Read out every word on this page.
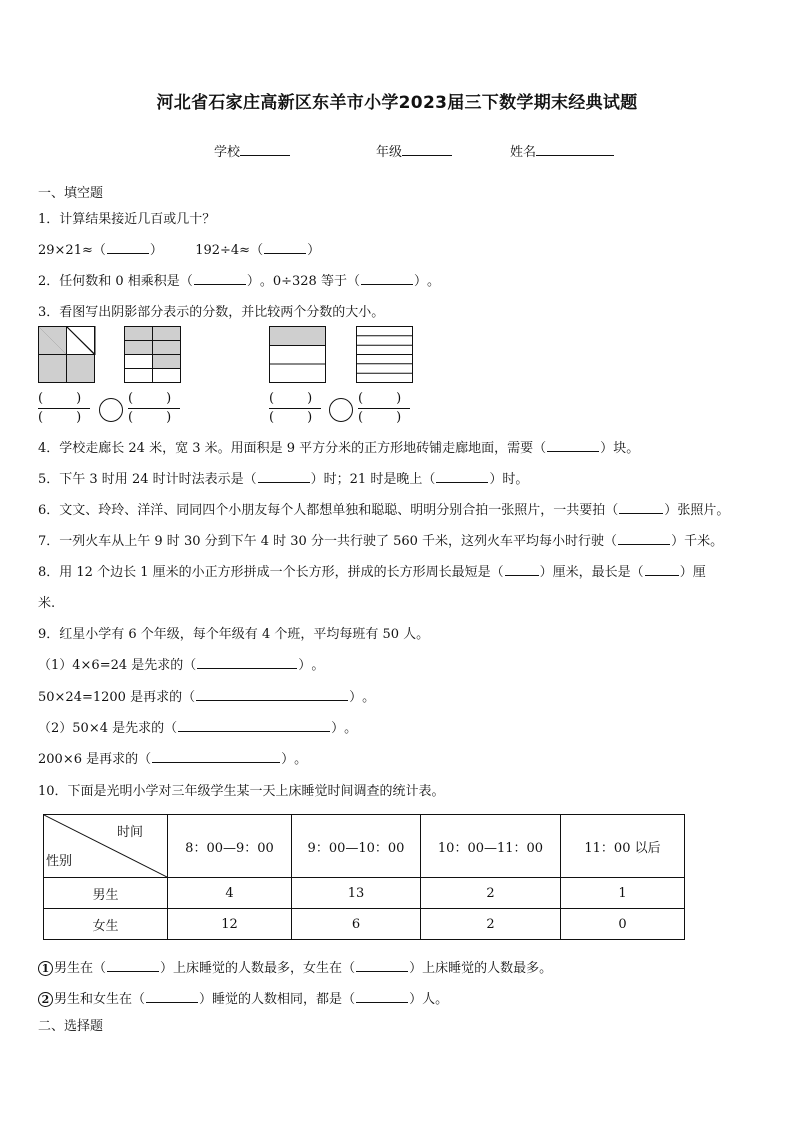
河北省石家庄高新区东羊市小学2023届三下数学期末经典试题
学校	年级	姓名
一、填空题
1．计算结果接近几百或几十？
29×21≈（	） 192÷4≈（	）
2．任何数和 0 相乘积是（	）。0÷328 等于（	）。
3．看图写出阴影部分表示的分数，并比较两个分数的大小。
(        )
(        )
(        )
(        )
(        )
(        )
(        )
(        )
4．学校走廊长 24 米，宽 3 米。用面积是 9 平方分米的正方形地砖铺走廊地面，需要（	）块。
5．下午 3 时用 24 时计时法表示是（	）时；21 时是晚上（	）时。
6．文文、玲玲、洋洋、同同四个小朋友每个人都想单独和聪聪、明明分别合拍一张照片，一共要拍（	）张照片。
7．一列火车从上午 9 时 30 分到下午 4 时 30 分一共行驶了 560 千米，这列火车平均每小时行驶（	）千米。
8．用 12 个边长 1 厘米的小正方形拼成一个长方形，拼成的长方形周长最短是（	）厘米，最长是（	）厘
米.
9．红星小学有 6 个年级，每个年级有 4 个班，平均每班有 50 人。
（1）4×6=24 是先求的（	）。
50×24=1200 是再求的（	）。
（2）50×4 是先求的（	）。
200×6 是再求的（	）。
10．下面是光明小学对三年级学生某一天上床睡觉时间调查的统计表。
时间
性别	8：00—9：00	9：00—10：00	10：00—11：00	11：00 以后
男生	4	13	2	1
女生	12	6	2	0
1 男生在（	）上床睡觉的人数最多，女生在（	）上床睡觉的人数最多。
2 男生和女生在（	）睡觉的人数相同，都是（	）人。
二、选择题
